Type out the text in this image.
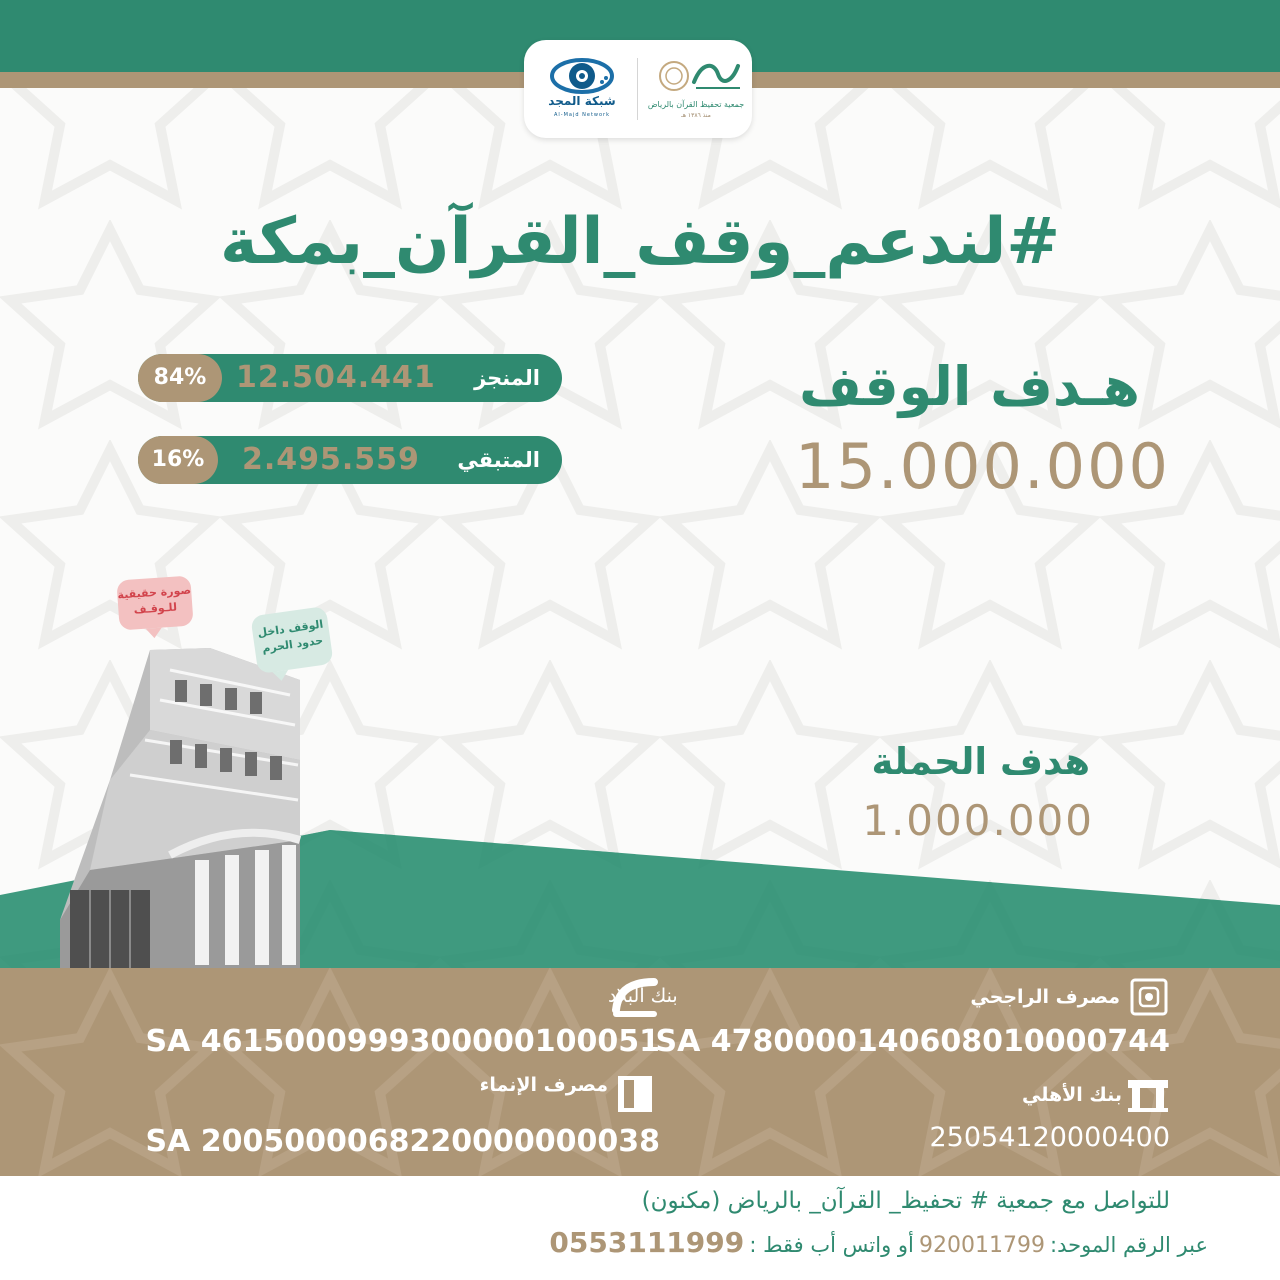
شبكة المجد
Al-Majd Network
جمعية تحفيظ القرآن بالرياض
منذ ١٣٨٦ هـ
#لندعم_وقف_القرآن_بمكة
84% 12.504.441 المنجز
16%	2.495.559 المتبقي
هـدف الوقف
15.000.000
هدف الحملة
1.000.000
صورة حقيقية للـوقـف
الوقف داخل حدود الحرم
مصرف الراجحي
SA 4780000140608010000744
بنك البلاد
SA 4615000999300000100051
بنك الأهلي
25054120000400
مصرف الإنماء
SA 2005000068220000000038
للتواصل مع جمعية # تحفيظ_ القرآن_ بالرياض (مكنون)
عبر الرقم الموحد: 920011799 أو واتس أب فقط : 0553111999
